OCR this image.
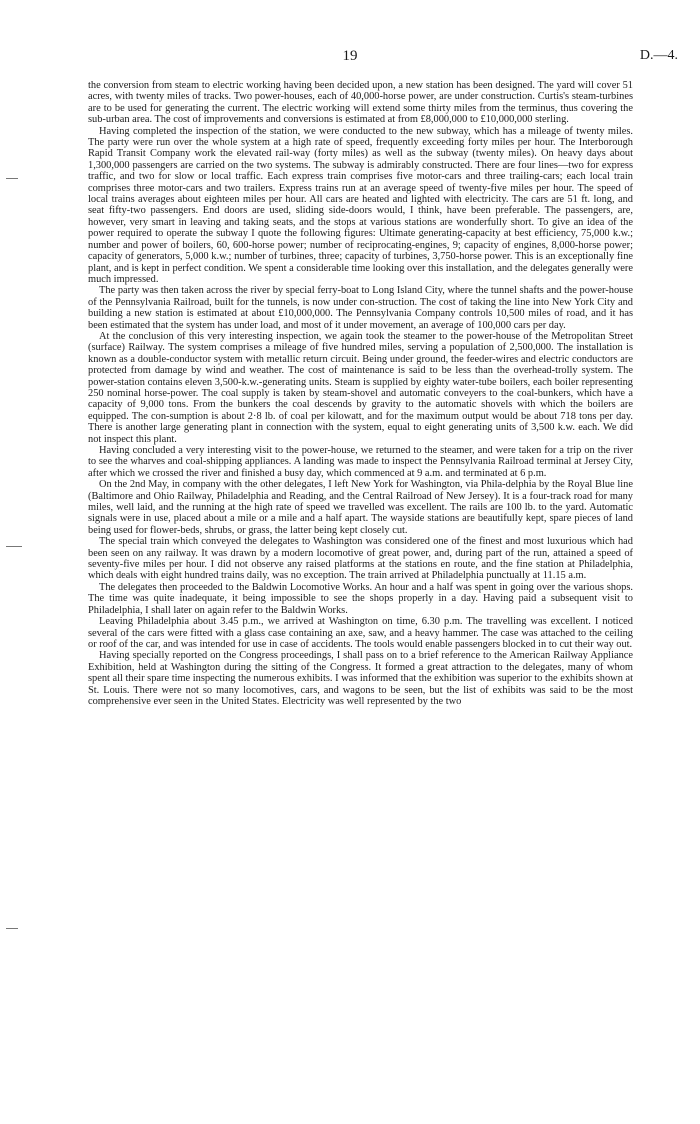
19	D.—4.

the conversion from steam to electric working having been decided upon, a new station has been designed. The yard will cover 51 acres, with twenty miles of tracks. Two power-houses, each of 40,000-horse power, are under construction. Curtis's steam-turbines are to be used for generating the current. The electric working will extend some thirty miles from the terminus, thus covering the sub-urban area. The cost of improvements and conversions is estimated at from £8,000,000 to £10,000,000 sterling.

Having completed the inspection of the station, we were conducted to the new subway, which has a mileage of twenty miles. The party were run over the whole system at a high rate of speed, frequently exceeding forty miles per hour. The Interborough Rapid Transit Company work the elevated rail-way (forty miles) as well as the subway (twenty miles). On heavy days about 1,300,000 passengers are carried on the two systems. The subway is admirably constructed. There are four lines—two for express traffic, and two for slow or local traffic. Each express train comprises five motor-cars and three trailing-cars; each local train comprises three motor-cars and two trailers. Express trains run at an average speed of twenty-five miles per hour. The speed of local trains averages about eighteen miles per hour. All cars are heated and lighted with electricity. The cars are 51 ft. long, and seat fifty-two passengers. End doors are used, sliding side-doors would, I think, have been preferable. The passengers, are, however, very smart in leaving and taking seats, and the stops at various stations are wonderfully short. To give an idea of the power required to operate the subway I quote the following figures: Ultimate generating-capacity at best efficiency, 75,000 k.w.; number and power of boilers, 60, 600-horse power; number of reciprocating-engines, 9; capacity of engines, 8,000-horse power; capacity of generators, 5,000 k.w.; number of turbines, three; capacity of turbines, 3,750-horse power. This is an exceptionally fine plant, and is kept in perfect condition. We spent a considerable time looking over this installation, and the delegates generally were much impressed.

The party was then taken across the river by special ferry-boat to Long Island City, where the tunnel shafts and the power-house of the Pennsylvania Railroad, built for the tunnels, is now under con-struction. The cost of taking the line into New York City and building a new station is estimated at about £10,000,000. The Pennsylvania Company controls 10,500 miles of road, and it has been estimated that the system has under load, and most of it under movement, an average of 100,000 cars per day.

At the conclusion of this very interesting inspection, we again took the steamer to the power-house of the Metropolitan Street (surface) Railway. The system comprises a mileage of five hundred miles, serving a population of 2,500,000. The installation is known as a double-conductor system with metallic return circuit. Being under ground, the feeder-wires and electric conductors are protected from damage by wind and weather. The cost of maintenance is said to be less than the overhead-trolly system. The power-station contains eleven 3,500-k.w.-generating units. Steam is supplied by eighty water-tube boilers, each boiler representing 250 nominal horse-power. The coal supply is taken by steam-shovel and automatic conveyers to the coal-bunkers, which have a capacity of 9,000 tons. From the bunkers the coal descends by gravity to the automatic shovels with which the boilers are equipped. The con-sumption is about 2·8 lb. of coal per kilowatt, and for the maximum output would be about 718 tons per day. There is another large generating plant in connection with the system, equal to eight generating units of 3,500 k.w. each. We did not inspect this plant.

Having concluded a very interesting visit to the power-house, we returned to the steamer, and were taken for a trip on the river to see the wharves and coal-shipping appliances. A landing was made to inspect the Pennsylvania Railroad terminal at Jersey City, after which we crossed the river and finished a busy day, which commenced at 9 a.m. and terminated at 6 p.m.

On the 2nd May, in company with the other delegates, I left New York for Washington, via Phila-delphia by the Royal Blue line (Baltimore and Ohio Railway, Philadelphia and Reading, and the Central Railroad of New Jersey). It is a four-track road for many miles, well laid, and the running at the high rate of speed we travelled was excellent. The rails are 100 lb. to the yard. Automatic signals were in use, placed about a mile or a mile and a half apart. The wayside stations are beautifully kept, spare pieces of land being used for flower-beds, shrubs, or grass, the latter being kept closely cut.

The special train which conveyed the delegates to Washington was considered one of the finest and most luxurious which had been seen on any railway. It was drawn by a modern locomotive of great power, and, during part of the run, attained a speed of seventy-five miles per hour. I did not observe any raised platforms at the stations en route, and the fine station at Philadelphia, which deals with eight hundred trains daily, was no exception. The train arrived at Philadelphia punctually at 11.15 a.m.

The delegates then proceeded to the Baldwin Locomotive Works. An hour and a half was spent in going over the various shops. The time was quite inadequate, it being impossible to see the shops properly in a day. Having paid a subsequent visit to Philadelphia, I shall later on again refer to the Baldwin Works.

Leaving Philadelphia about 3.45 p.m., we arrived at Washington on time, 6.30 p.m. The travelling was excellent. I noticed several of the cars were fitted with a glass case containing an axe, saw, and a heavy hammer. The case was attached to the ceiling or roof of the car, and was intended for use in case of accidents. The tools would enable passengers blocked in to cut their way out.

Having specially reported on the Congress proceedings, I shall pass on to a brief reference to the American Railway Appliance Exhibition, held at Washington during the sitting of the Congress. It formed a great attraction to the delegates, many of whom spent all their spare time inspecting the numerous exhibits. I was informed that the exhibition was superior to the exhibits shown at St. Louis. There were not so many locomotives, cars, and wagons to be seen, but the list of exhibits was said to be the most comprehensive ever seen in the United States. Electricity was well represented by the two
